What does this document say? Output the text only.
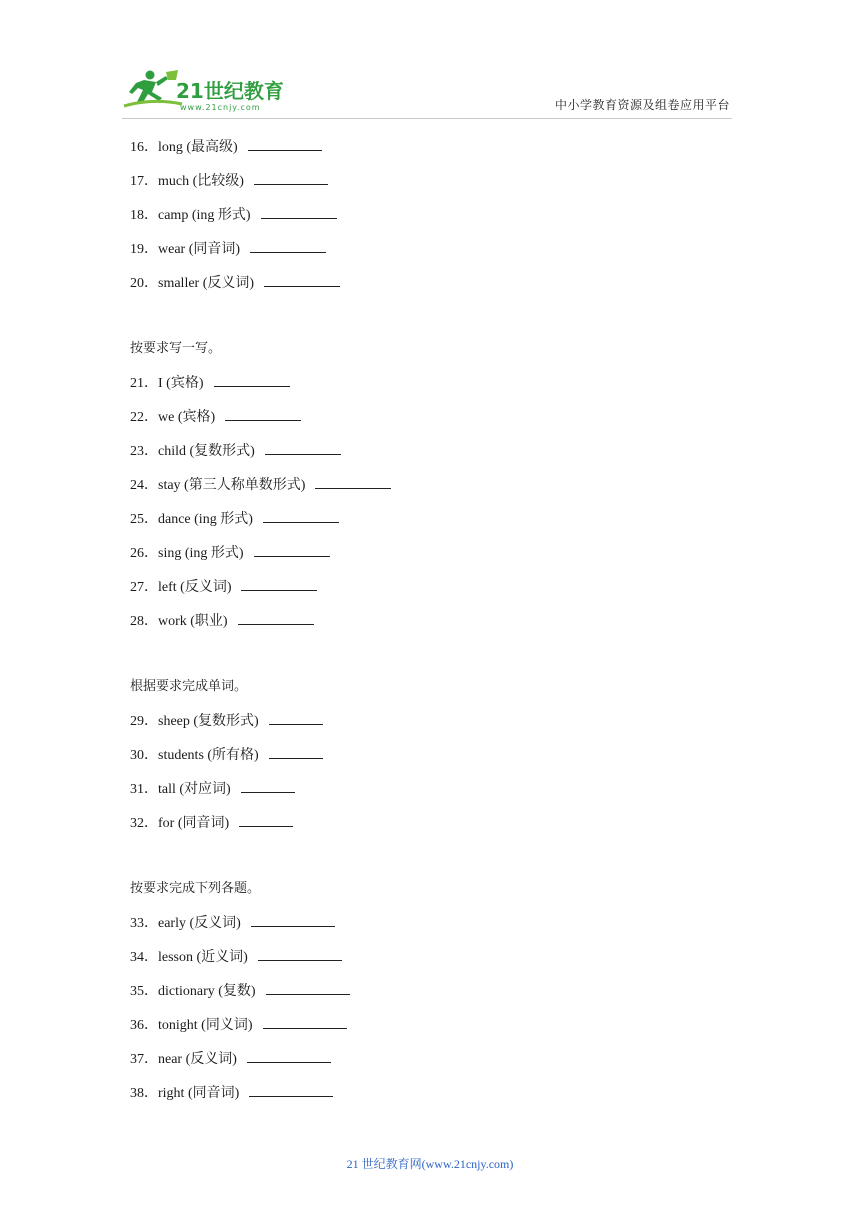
21世纪教育
www.21cnjy.com	中小学教育资源及组卷应用平台
16．long (最高级)
17．much (比较级)
18．camp (ing 形式)
19．wear (同音词)
20．smaller (反义词)
按要求写一写。
21．I (宾格)
22．we (宾格)
23．child (复数形式)
24．stay (第三人称单数形式)
25．dance (ing 形式)
26．sing (ing 形式)
27．left (反义词)
28．work (职业)
根据要求完成单词。
29．sheep (复数形式)
30．students (所有格)
31．tall (对应词)
32．for (同音词)
按要求完成下列各题。
33．early (反义词)
34．lesson (近义词)
35．dictionary (复数)
36．tonight (同义词)
37．near (反义词)
38．right (同音词)
21 世纪教育网(www.21cnjy.com)
